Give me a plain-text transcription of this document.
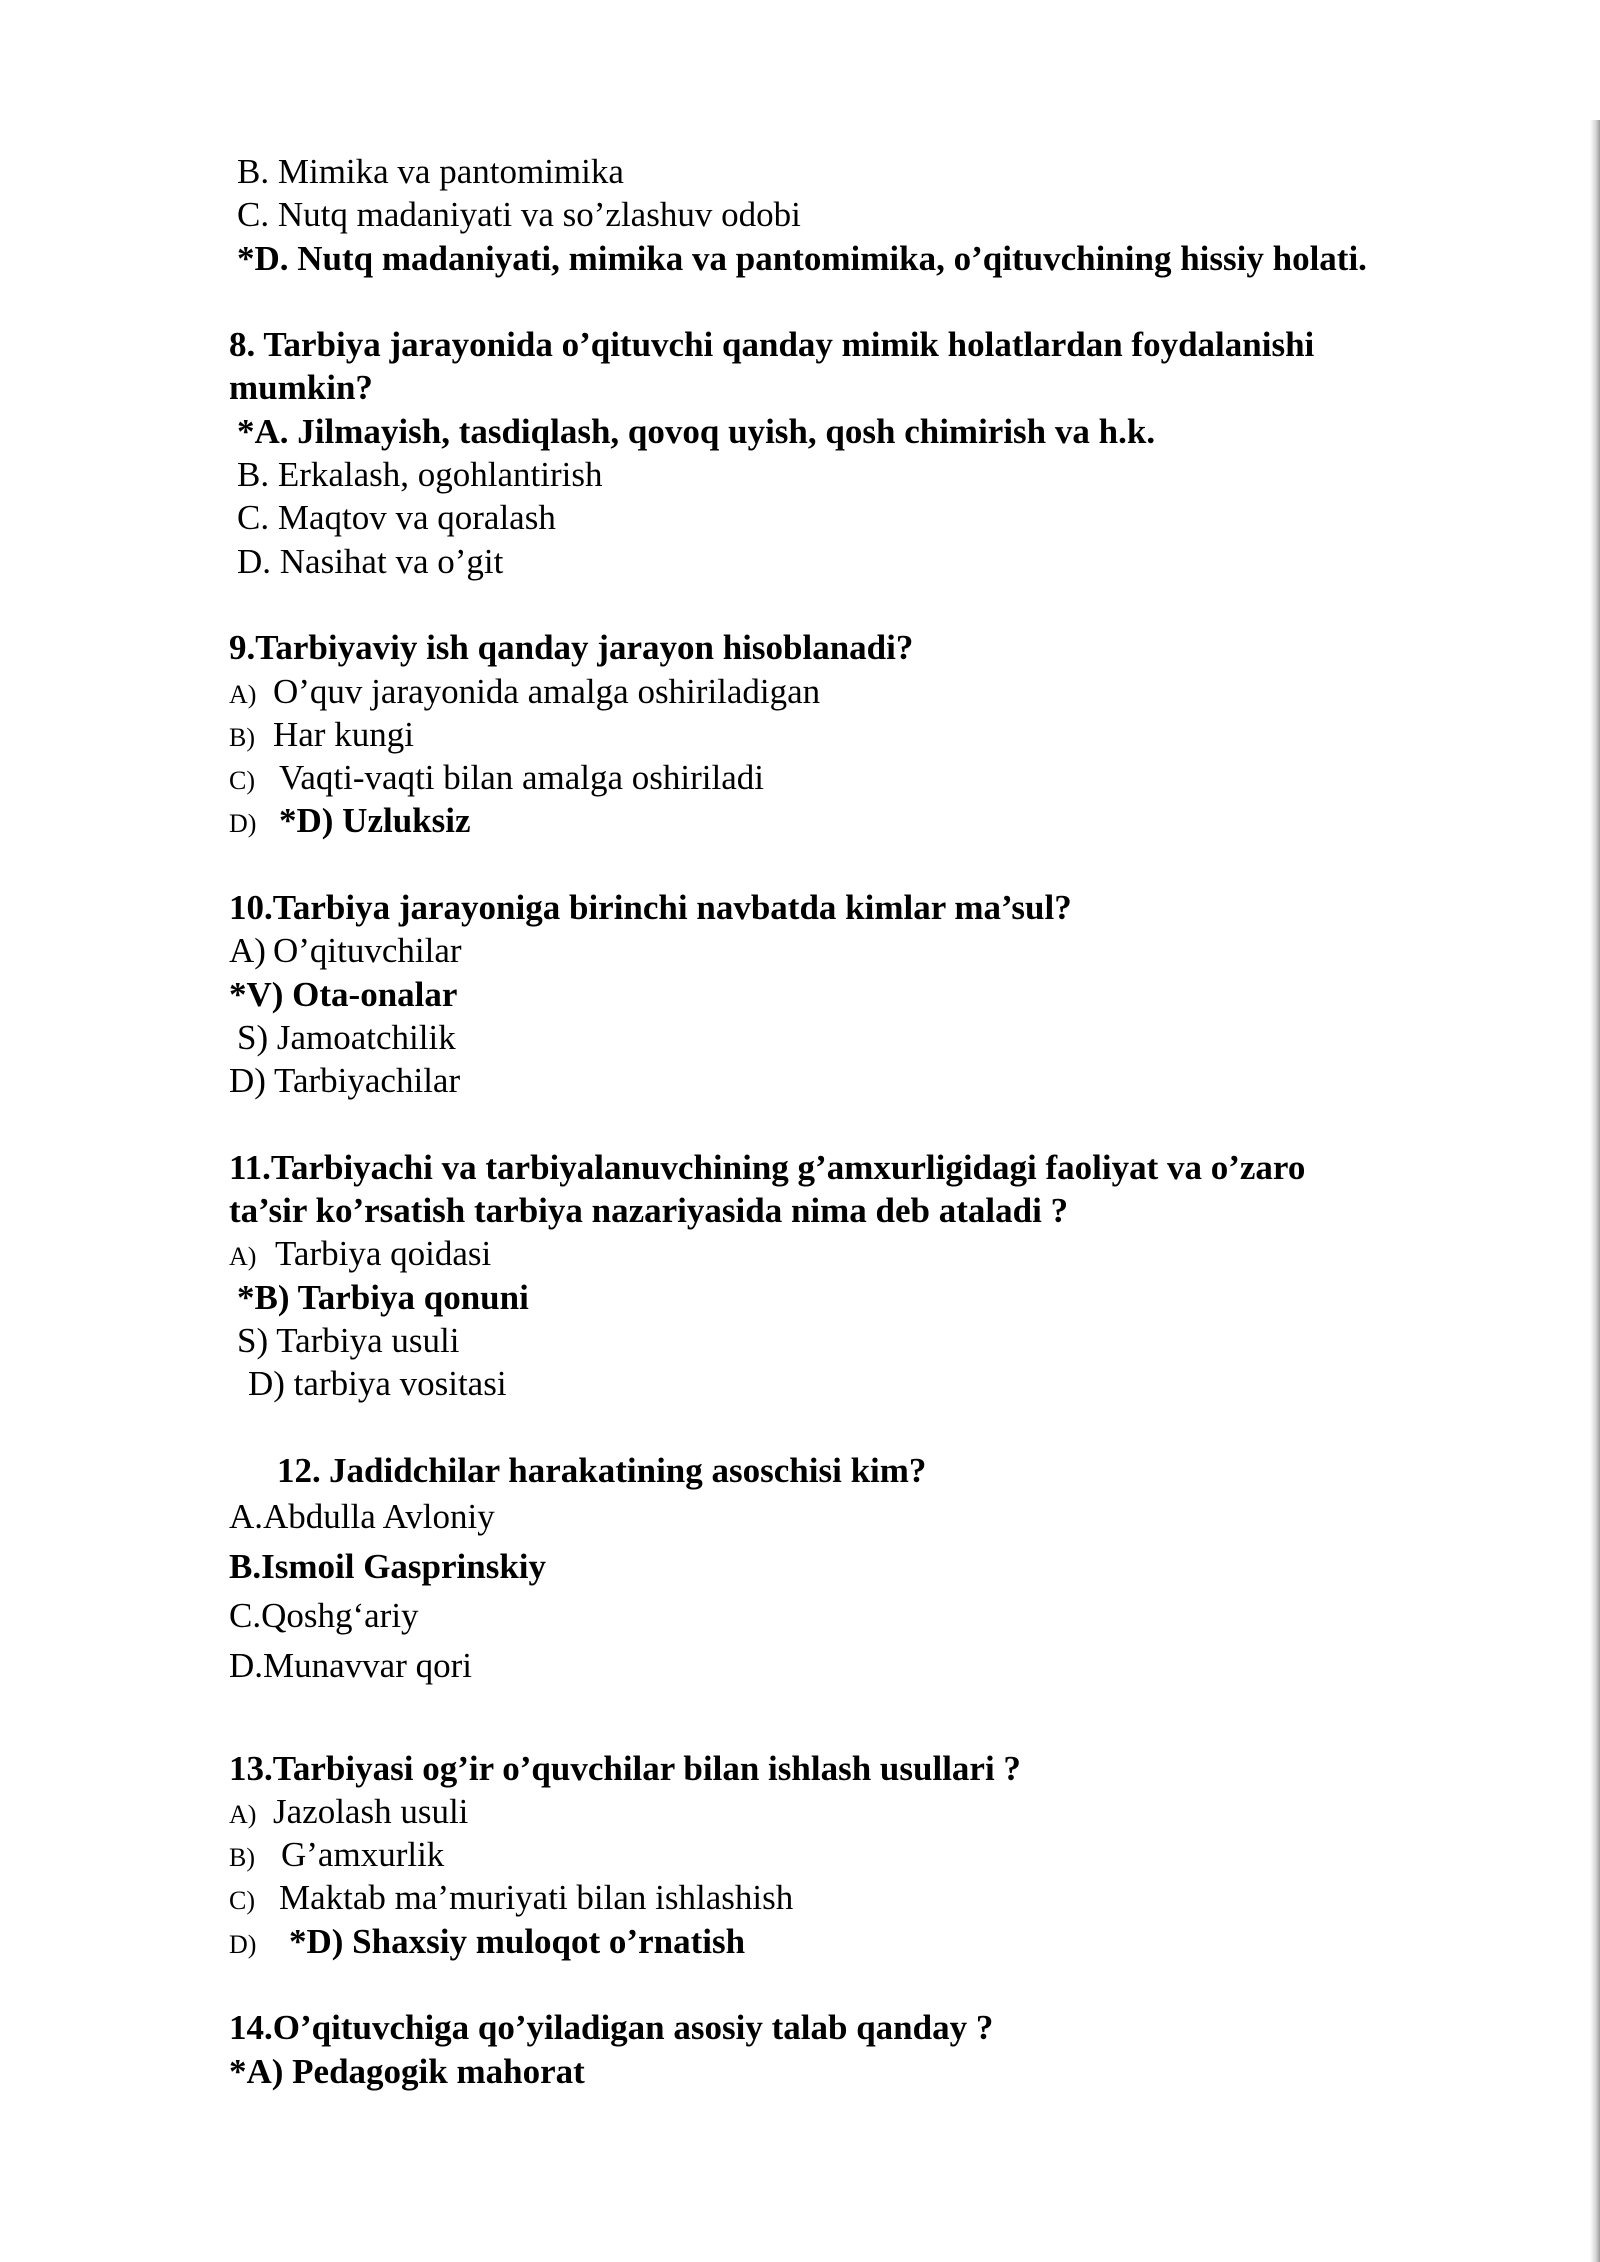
B. Mimika va pantomimika
C. Nutq madaniyati va so’zlashuv odobi
*D. Nutq madaniyati, mimika va pantomimika, o’qituvchining hissiy holati.
8. Tarbiya jarayonida o’qituvchi qanday mimik holatlardan foydalanishi
mumkin?
*A. Jilmayish, tasdiqlash, qovoq uyish, qosh chimirish va h.k.
B. Erkalash, ogohlantirish
C. Maqtov va qoralash
D. Nasihat va o’git
9.Tarbiyaviy ish qanday jarayon hisoblanadi?
A) O’quv jarayonida amalga oshiriladigan
B) Har kungi
C) Vaqti-vaqti bilan amalga oshiriladi
D) *D) Uzluksiz
10.Tarbiya jarayoniga birinchi navbatda kimlar ma’sul?
A) O’qituvchilar
*V) Ota-onalar
S) Jamoatchilik
D) Tarbiyachilar
11.Tarbiyachi va tarbiyalanuvchining g’amxurligidagi faoliyat va o’zaro
ta’sir ko’rsatish tarbiya nazariyasida nima deb ataladi ?
A) Tarbiya qoidasi
*B) Tarbiya qonuni
S) Tarbiya usuli
D) tarbiya vositasi
12. Jadidchilar harakatining asoschisi kim?
A.Abdulla Avloniy
B.Ismoil Gasprinskiy
C.Qoshg‘ariy
D.Munavvar qori
13.Tarbiyasi og’ir o’quvchilar bilan ishlash usullari ?
A) Jazolash usuli
B) G’amxurlik
C) Maktab ma’muriyati bilan ishlashish
D) *D) Shaxsiy muloqot o’rnatish
14.O’qituvchiga qo’yiladigan asosiy talab qanday ?
*A) Pedagogik mahorat
